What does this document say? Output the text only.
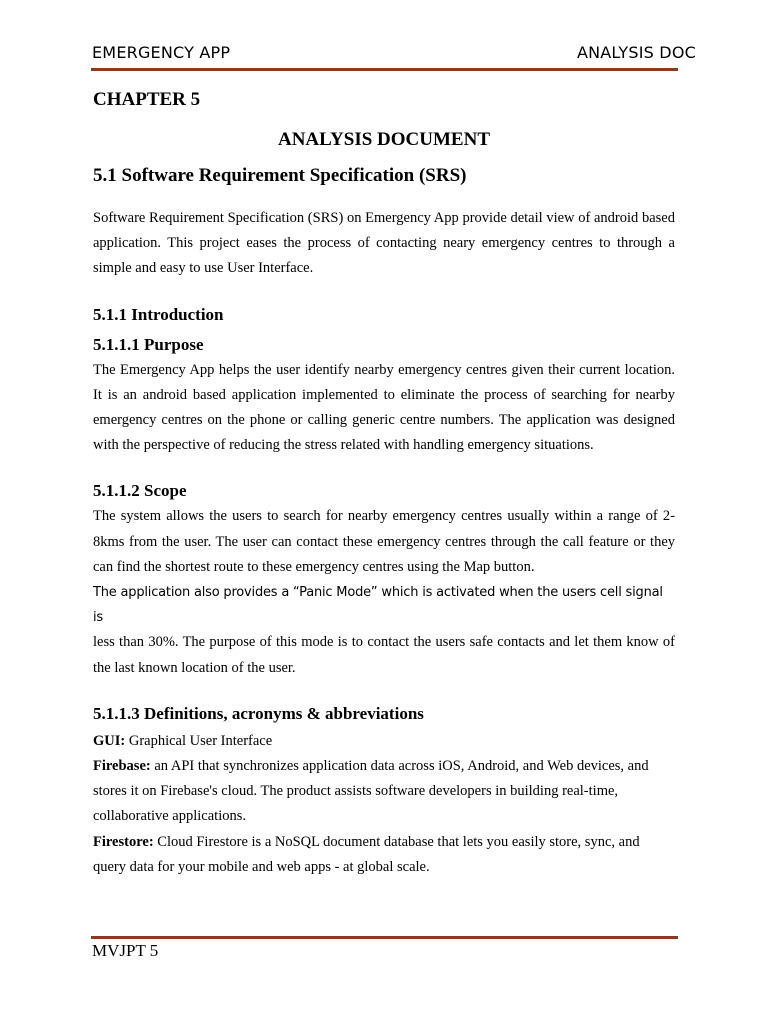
EMERGENCY APP	ANALYSIS DOC
CHAPTER 5
ANALYSIS DOCUMENT
5.1 Software Requirement Specification (SRS)

Software Requirement Specification (SRS) on Emergency App provide detail view of android based application. This project eases the process of contacting neary emergency centres to through a simple and easy to use User Interface.

5.1.1 Introduction
5.1.1.1 Purpose

The Emergency App helps the user identify nearby emergency centres given their current location. It is an android based application implemented to eliminate the process of searching for nearby emergency centres on the phone or calling generic centre numbers. The application was designed with the perspective of reducing the stress related with handling emergency situations.

5.1.1.2 Scope

The system allows the users to search for nearby emergency centres usually within a range of 2-8kms from the user. The user can contact these emergency centres through the call feature or they can find the shortest route to these emergency centres using the Map button.

The application also provides a “Panic Mode” which is activated when the users cell signal is

less than 30%. The purpose of this mode is to contact the users safe contacts and let them know of the last known location of the user.

5.1.1.3 Definitions, acronyms & abbreviations

GUI: Graphical User Interface

Firebase: an API that synchronizes application data across iOS, Android, and Web devices, and stores it on Firebase's cloud. The product assists software developers in building real-time, collaborative applications.

Firestore: Cloud Firestore is a NoSQL document database that lets you easily store, sync, and query data for your mobile and web apps - at global scale.

MVJPT 5
